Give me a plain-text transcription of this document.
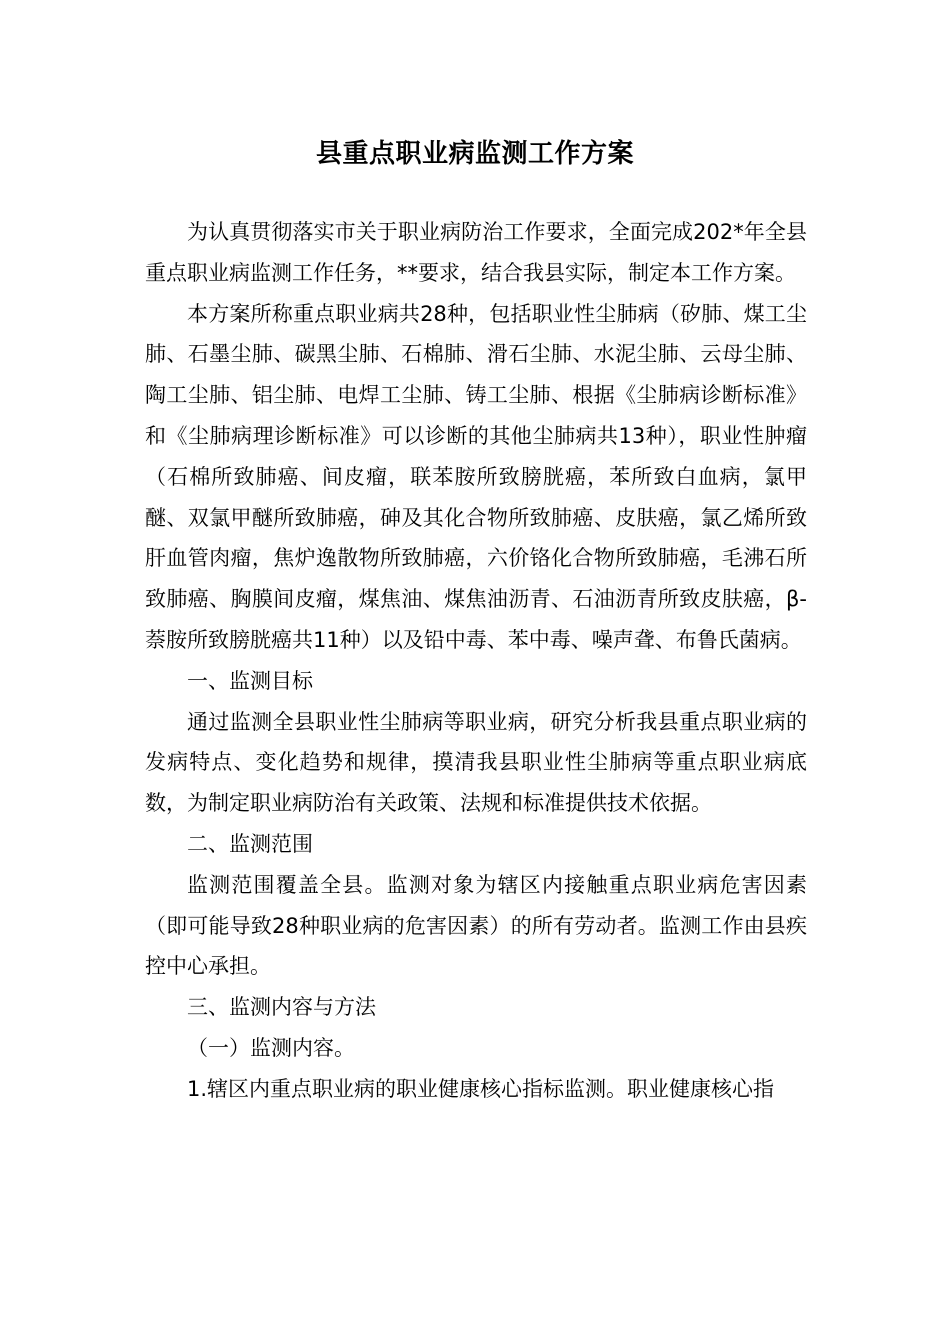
县重点职业病监测工作方案

为认真贯彻落实市关于职业病防治工作要求，全面完成202*年全县重点职业病监测工作任务，**要求，结合我县实际，制定本工作方案。

本方案所称重点职业病共28种，包括职业性尘肺病（矽肺、煤工尘肺、石墨尘肺、碳黑尘肺、石棉肺、滑石尘肺、水泥尘肺、云母尘肺、陶工尘肺、铝尘肺、电焊工尘肺、铸工尘肺、根据《尘肺病诊断标准》和《尘肺病理诊断标准》可以诊断的其他尘肺病共13种），职业性肿瘤（石棉所致肺癌、间皮瘤，联苯胺所致膀胱癌，苯所致白血病，氯甲醚、双氯甲醚所致肺癌，砷及其化合物所致肺癌、皮肤癌，氯乙烯所致肝血管肉瘤，焦炉逸散物所致肺癌，六价铬化合物所致肺癌，毛沸石所致肺癌、胸膜间皮瘤，煤焦油、煤焦油沥青、石油沥青所致皮肤癌，β-萘胺所致膀胱癌共11种）以及铅中毒、苯中毒、噪声聋、布鲁氏菌病。

一、监测目标

通过监测全县职业性尘肺病等职业病，研究分析我县重点职业病的发病特点、变化趋势和规律，摸清我县职业性尘肺病等重点职业病底数，为制定职业病防治有关政策、法规和标准提供技术依据。

二、监测范围

监测范围覆盖全县。监测对象为辖区内接触重点职业病危害因素（即可能导致28种职业病的危害因素）的所有劳动者。监测工作由县疾控中心承担。

三、监测内容与方法

（一）监测内容。

1.辖区内重点职业病的职业健康核心指标监测。职业健康核心指
